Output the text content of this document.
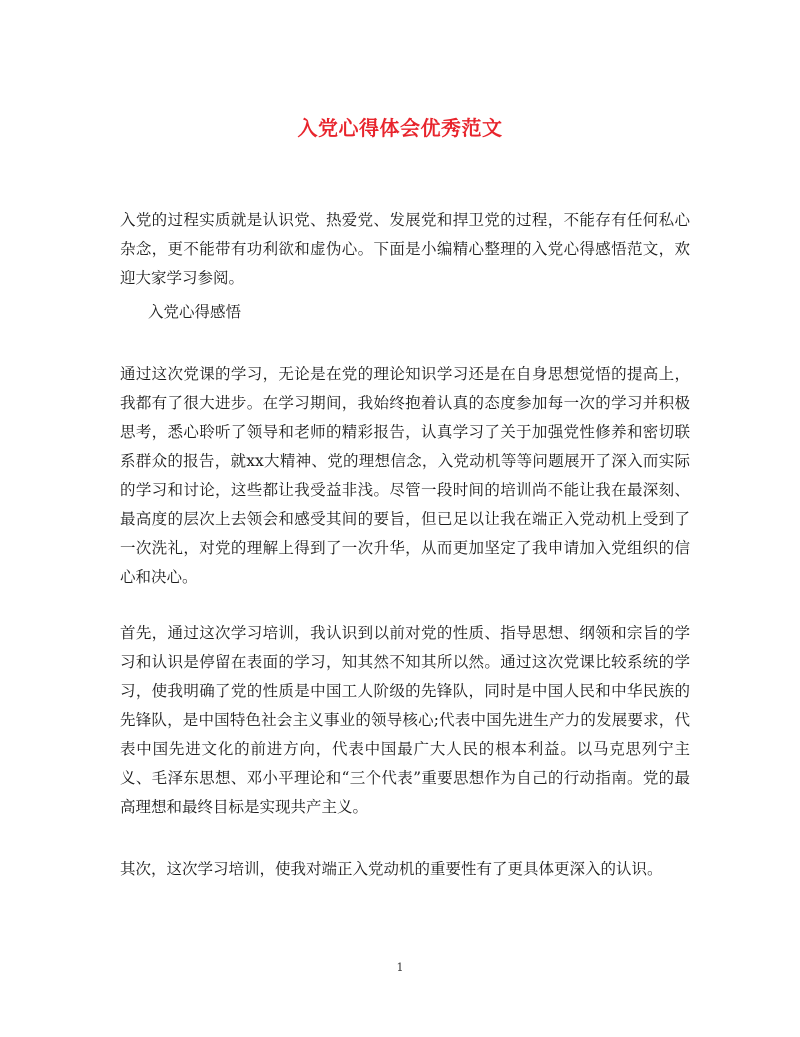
入党心得体会优秀范文

入党的过程实质就是认识党、热爱党、发展党和捍卫党的过程，不能存有任何私心杂念，更不能带有功利欲和虚伪心。下面是小编精心整理的入党心得感悟范文，欢迎大家学习参阅。

入党心得感悟

通过这次党课的学习，无论是在党的理论知识学习还是在自身思想觉悟的提高上，我都有了很大进步。在学习期间，我始终抱着认真的态度参加每一次的学习并积极思考，悉心聆听了领导和老师的精彩报告，认真学习了关于加强党性修养和密切联系群众的报告，就xx大精神、党的理想信念，入党动机等等问题展开了深入而实际的学习和讨论，这些都让我受益非浅。尽管一段时间的培训尚不能让我在最深刻、最高度的层次上去领会和感受其间的要旨，但已足以让我在端正入党动机上受到了一次洗礼，对党的理解上得到了一次升华，从而更加坚定了我申请加入党组织的信心和决心。

首先，通过这次学习培训，我认识到以前对党的性质、指导思想、纲领和宗旨的学习和认识是停留在表面的学习，知其然不知其所以然。通过这次党课比较系统的学习，使我明确了党的性质是中国工人阶级的先锋队，同时是中国人民和中华民族的先锋队，是中国特色社会主义事业的领导核心;代表中国先进生产力的发展要求，代表中国先进文化的前进方向，代表中国最广大人民的根本利益。以马克思列宁主义、毛泽东思想、邓小平理论和“三个代表”重要思想作为自己的行动指南。党的最高理想和最终目标是实现共产主义。

其次，这次学习培训，使我对端正入党动机的重要性有了更具体更深入的认识。

1
